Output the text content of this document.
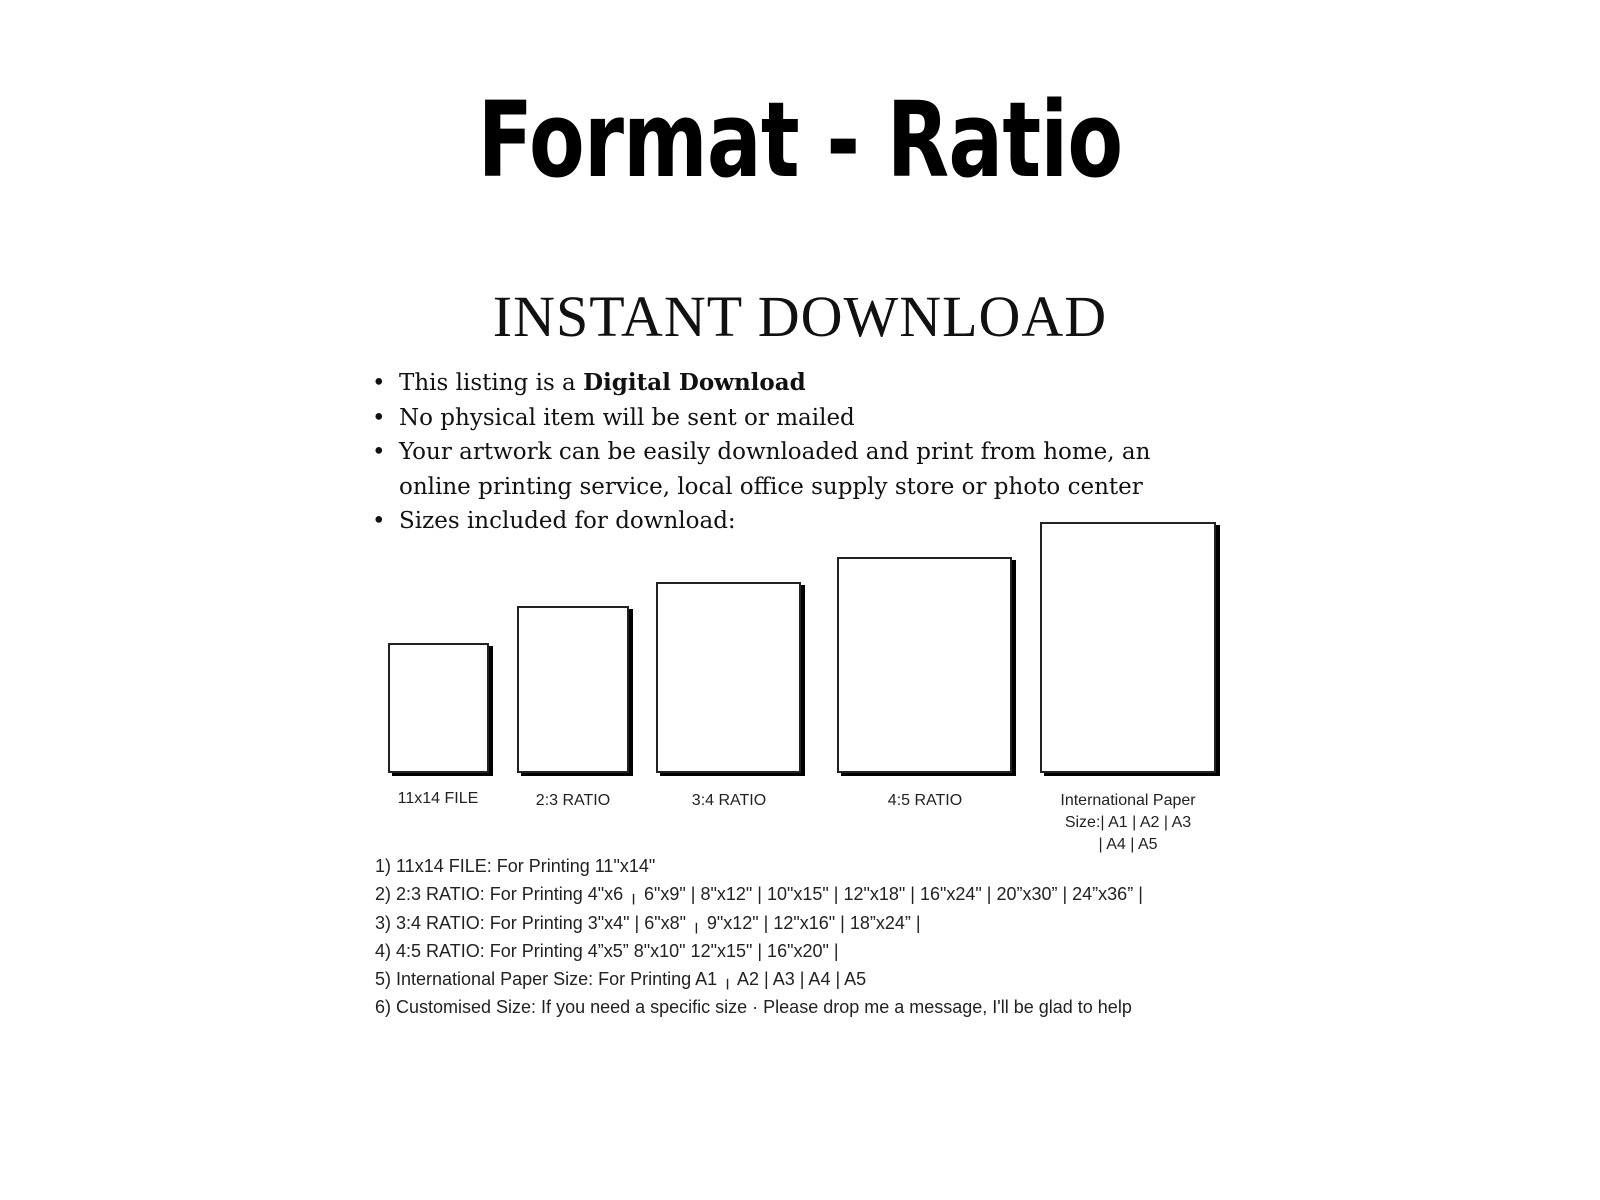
Format - Ratio
INSTANT DOWNLOAD
• This listing is a Digital Download
• No physical item will be sent or mailed
• Your artwork can be easily downloaded and print from home, an
online printing service, local office supply store or photo center
• Sizes included for download:
11x14 FILE	2:3 RATIO	3:4 RATIO	4:5 RATIO	International Paper
Size:| A1 | A2 | A3
| A4 | A5
1) 11x14 FILE: For Printing 11"x14"
2) 2:3 RATIO: For Printing 4"x6 ╷ 6"x9" | 8"x12" | 10"x15" | 12"x18" | 16"x24" | 20”x30” | 24”x36” |
3) 3:4 RATIO: For Printing 3"x4" | 6"x8" ╷ 9"x12" | 12"x16" | 18”x24” |
4) 4:5 RATIO: For Printing 4”x5” 8"x10" 12"x15" | 16"x20" |
5) International Paper Size: For Printing A1 ╷ A2 | A3 | A4 | A5
6) Customised Size: If you need a specific size · Please drop me a message, I'll be glad to help
